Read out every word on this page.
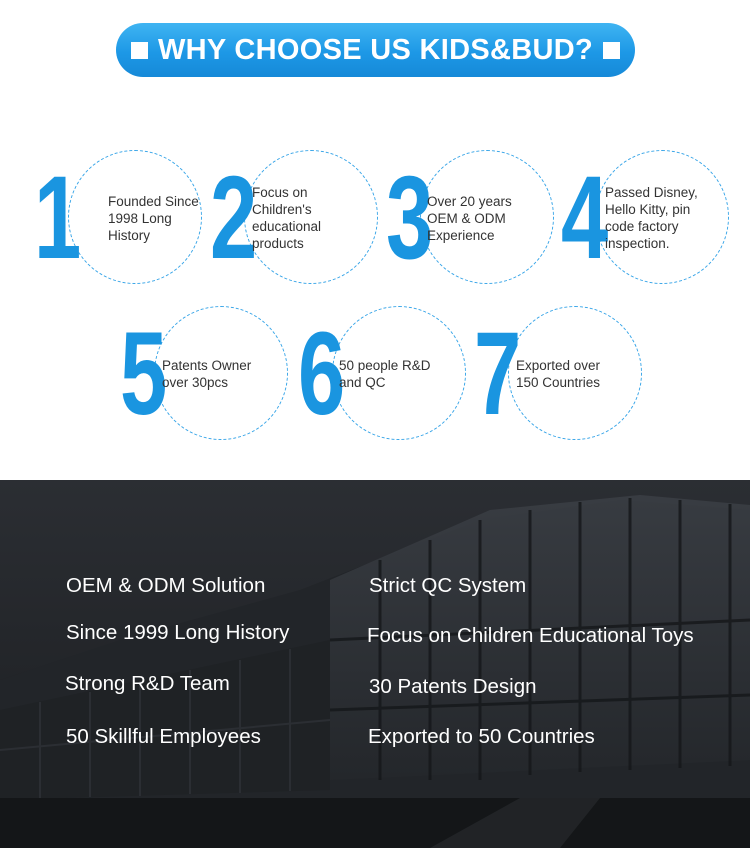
WHY CHOOSE US KIDS&BUD?
1 Founded Since 1998 Long History 2
Focus on Children's educational products 3
Over 20 years OEM & ODM Experience 4
Passed Disney, Hello Kitty, pin code factory inspection.
5
Patents Owner over 30pcs 6
50 people R&D and QC 7
Exported over 150 Countries
OEM & ODM Solution
Since 1999 Long History
Strong R&D Team
50 Skillful Employees
Strict QC System
Focus on Children Educational Toys
30 Patents Design
Exported to 50 Countries
